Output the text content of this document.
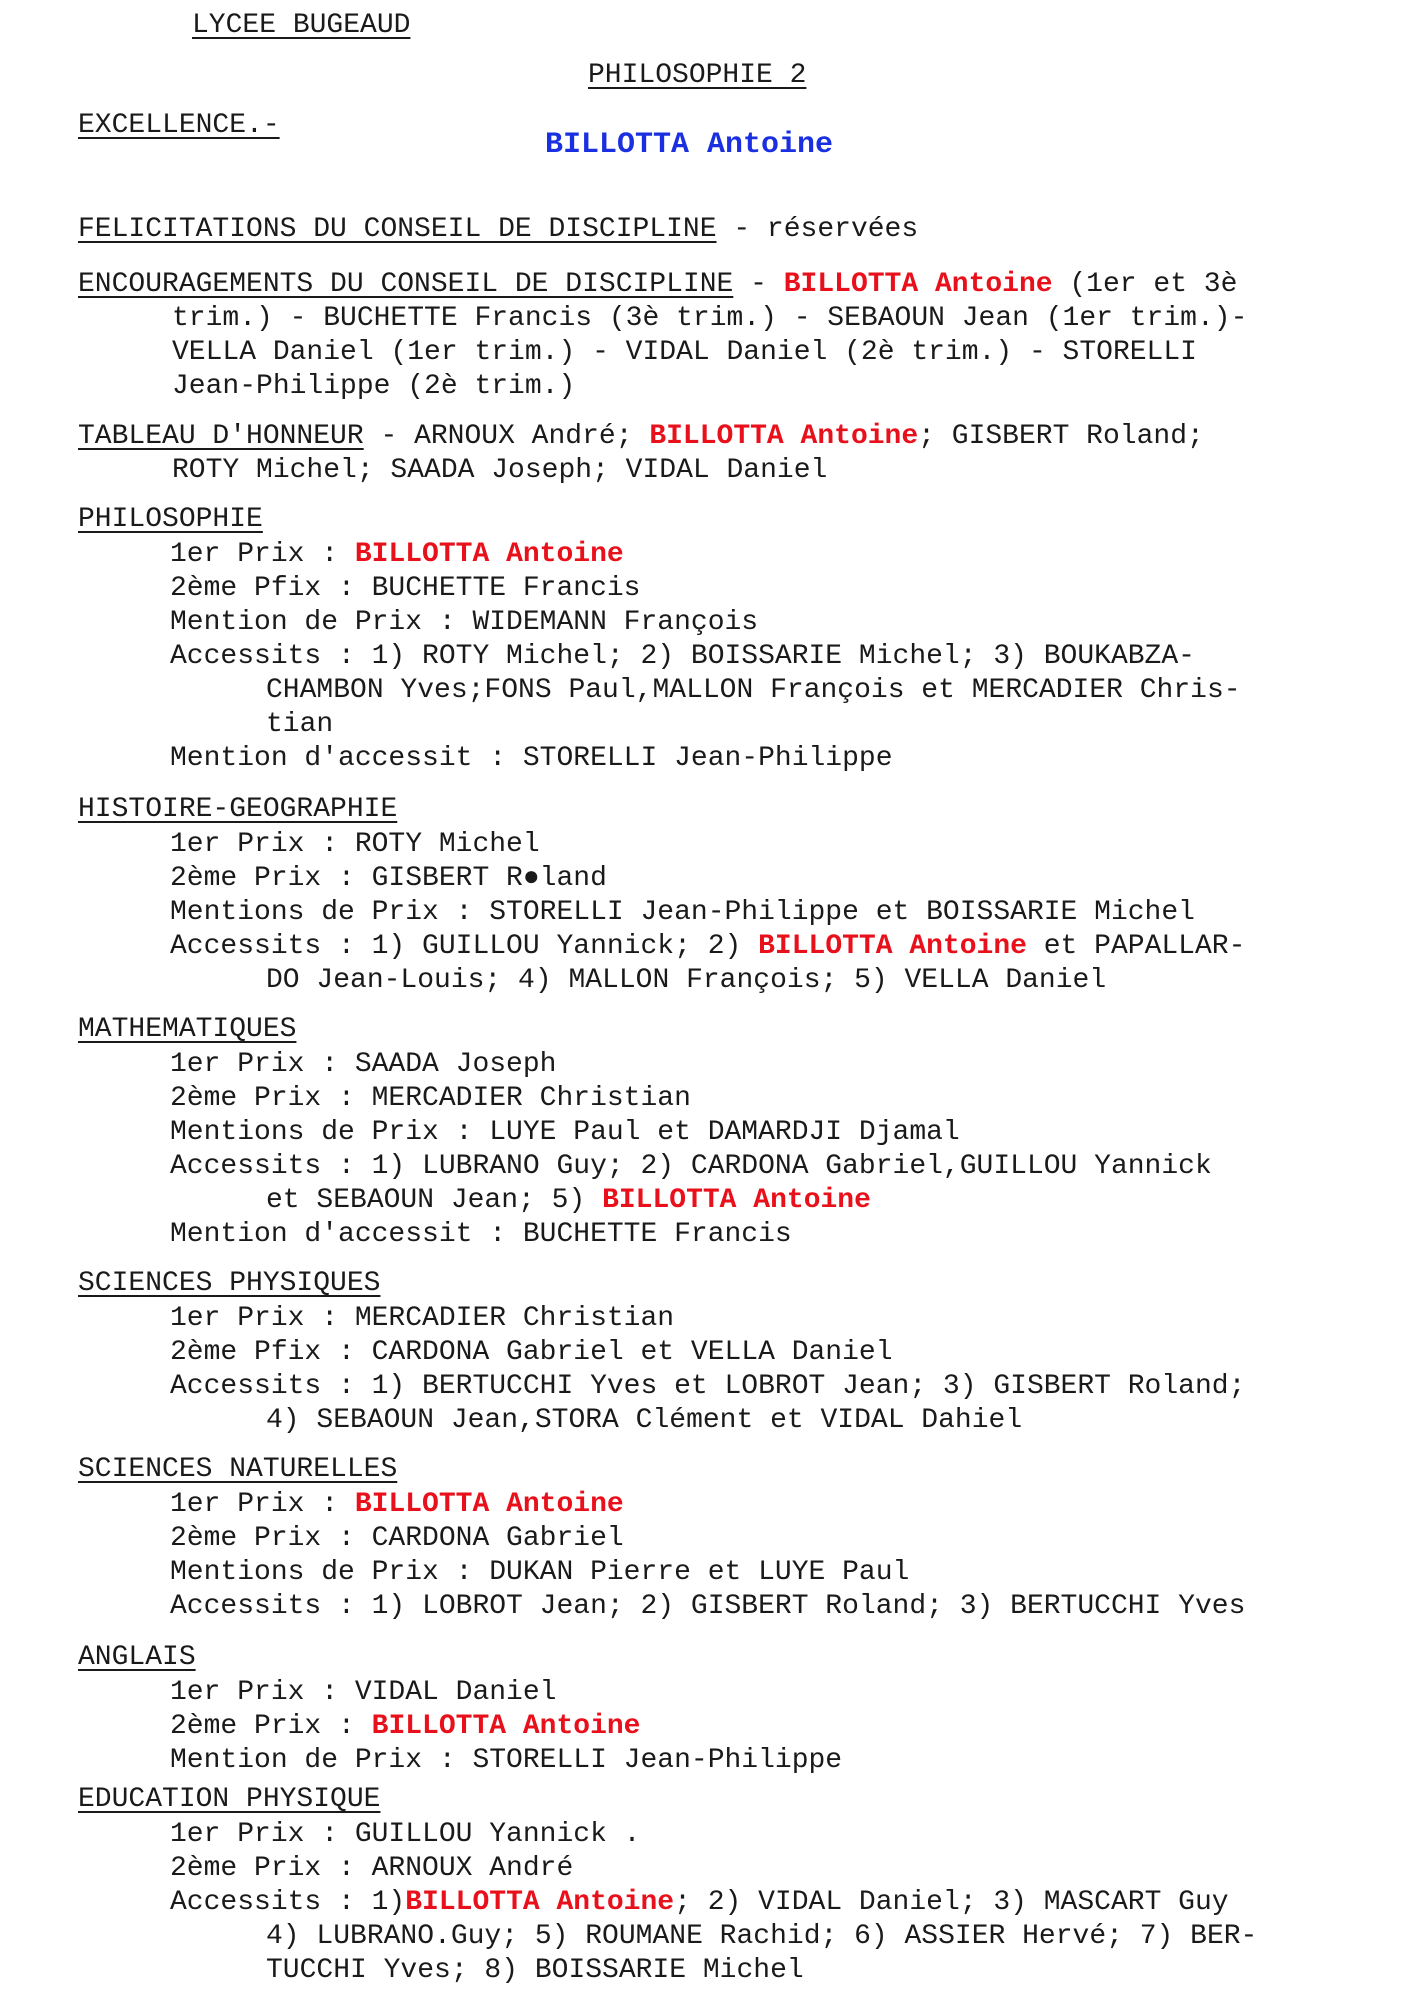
LYCEE BUGEAUD
PHILOSOPHIE 2
EXCELLENCE.-
BILLOTTA Antoine
FELICITATIONS DU CONSEIL DE DISCIPLINE - réservées
ENCOURAGEMENTS DU CONSEIL DE DISCIPLINE - BILLOTTA Antoine (1er et 3è
trim.) - BUCHETTE Francis (3è trim.) - SEBAOUN Jean (1er trim.)-
VELLA Daniel (1er trim.) - VIDAL Daniel (2è trim.) - STORELLI
Jean-Philippe (2è trim.)
TABLEAU D'HONNEUR - ARNOUX André; BILLOTTA Antoine; GISBERT Roland;
ROTY Michel; SAADA Joseph; VIDAL Daniel
PHILOSOPHIE
1er Prix : BILLOTTA Antoine
2ème Pfix : BUCHETTE Francis
Mention de Prix : WIDEMANN François
Accessits : 1) ROTY Michel; 2) BOISSARIE Michel; 3) BOUKABZA-
CHAMBON Yves;FONS Paul,MALLON François et MERCADIER Chris-
tian
Mention d'accessit : STORELLI Jean-Philippe
HISTOIRE-GEOGRAPHIE
1er Prix : ROTY Michel
2ème Prix : GISBERT R●land
Mentions de Prix : STORELLI Jean-Philippe et BOISSARIE Michel
Accessits : 1) GUILLOU Yannick; 2) BILLOTTA Antoine et PAPALLAR-
DO Jean-Louis; 4) MALLON François; 5) VELLA Daniel
MATHEMATIQUES
1er Prix : SAADA Joseph
2ème Prix : MERCADIER Christian
Mentions de Prix : LUYE Paul et DAMARDJI Djamal
Accessits : 1) LUBRANO Guy; 2) CARDONA Gabriel,GUILLOU Yannick
et SEBAOUN Jean; 5) BILLOTTA Antoine
Mention d'accessit : BUCHETTE Francis
SCIENCES PHYSIQUES
1er Prix : MERCADIER Christian
2ème Pfix : CARDONA Gabriel et VELLA Daniel
Accessits : 1) BERTUCCHI Yves et LOBROT Jean; 3) GISBERT Roland;
4) SEBAOUN Jean,STORA Clément et VIDAL Dahiel
SCIENCES NATURELLES
1er Prix : BILLOTTA Antoine
2ème Prix : CARDONA Gabriel
Mentions de Prix : DUKAN Pierre et LUYE Paul
Accessits : 1) LOBROT Jean; 2) GISBERT Roland; 3) BERTUCCHI Yves
ANGLAIS
1er Prix : VIDAL Daniel
2ème Prix : BILLOTTA Antoine
Mention de Prix : STORELLI Jean-Philippe
EDUCATION PHYSIQUE
1er Prix : GUILLOU Yannick .
2ème Prix : ARNOUX André
Accessits : 1)BILLOTTA Antoine; 2) VIDAL Daniel; 3) MASCART Guy
4) LUBRANO.Guy; 5) ROUMANE Rachid; 6) ASSIER Hervé; 7) BER-
TUCCHI Yves; 8) BOISSARIE Michel
